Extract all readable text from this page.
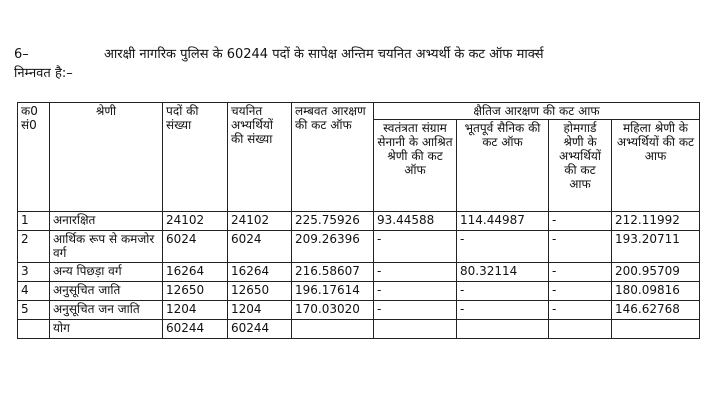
6–	आरक्षी नागरिक पुलिस के 60244 पदों के सापेक्ष अन्तिम चयनित अभ्यर्थी के कट ऑफ मार्क्स
निम्नवत है:–
क0 सं0	श्रेणी	पदों की संख्या	चयनित अभ्यर्थियों की संख्या	लम्बवत आरक्षण की कट ऑफ	क्षैतिज आरक्षण की कट आफ			
					स्वतंत्रता संग्राम सेनानी के आश्रित श्रेणी की कट ऑफ	भूतपूर्व सैनिक की कट ऑफ	होमगार्ड श्रेणी के अभ्यर्थियों की कट आफ	महिला श्रेणी के अभ्यर्थियों की कट आफ
1	अनारक्षित	24102	24102	225.75926	93.44588	114.44987	-	212.11992
2	आर्थिक रूप से कमजोर वर्ग	6024	6024	209.26396	-	-	-	193.20711
3	अन्य पिछड़ा वर्ग	16264	16264	216.58607	-	80.32114	-	200.95709
4	अनुसूचित जाति	12650	12650	196.17614	-	-	-	180.09816
5	अनुसूचित जन जाति	1204	1204	170.03020	-	-	-	146.62768
	योग	60244	60244					
